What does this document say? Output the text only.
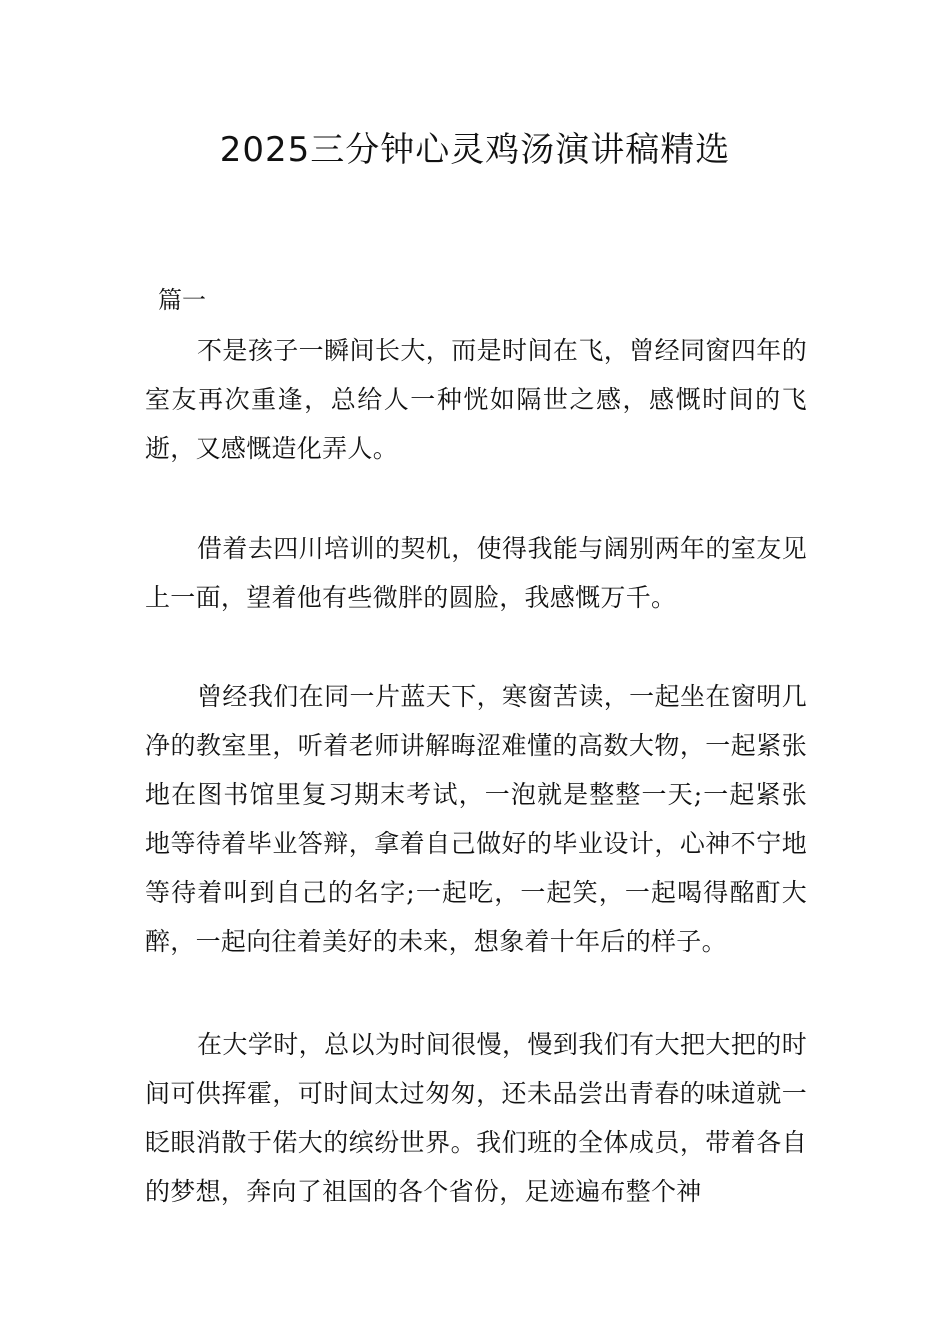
2025三分钟心灵鸡汤演讲稿精选

篇一

不是孩子一瞬间长大，而是时间在飞，曾经同窗四年的室友再次重逢，总给人一种恍如隔世之感，感慨时间的飞逝，又感慨造化弄人。

借着去四川培训的契机，使得我能与阔别两年的室友见上一面，望着他有些微胖的圆脸，我感慨万千。

曾经我们在同一片蓝天下，寒窗苦读，一起坐在窗明几净的教室里，听着老师讲解晦涩难懂的高数大物，一起紧张地在图书馆里复习期末考试，一泡就是整整一天;一起紧张地等待着毕业答辩，拿着自己做好的毕业设计，心神不宁地等待着叫到自己的名字;一起吃，一起笑，一起喝得酩酊大醉，一起向往着美好的未来，想象着十年后的样子。

在大学时，总以为时间很慢，慢到我们有大把大把的时间可供挥霍，可时间太过匆匆，还未品尝出青春的味道就一眨眼消散于偌大的缤纷世界。我们班的全体成员，带着各自的梦想，奔向了祖国的各个省份，足迹遍布整个神
